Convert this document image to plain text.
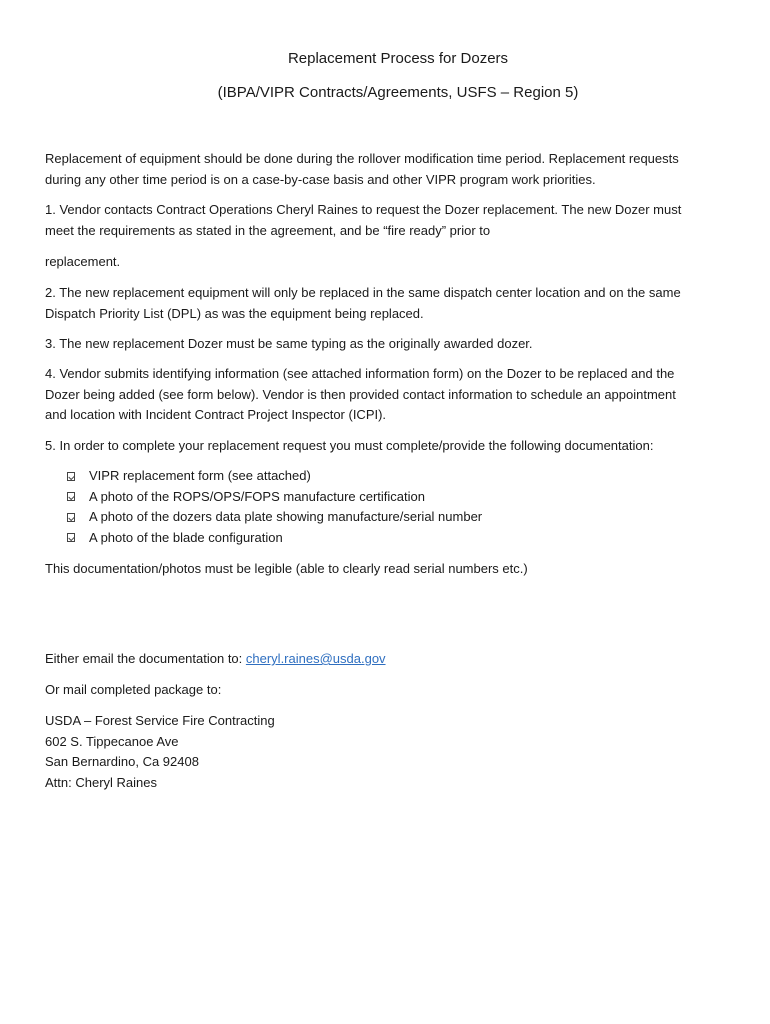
Replacement Process for Dozers
(IBPA/VIPR Contracts/Agreements, USFS – Region 5)

Replacement of equipment should be done during the rollover modification time period. Replacement requests
during any other time period is on a case-by-case basis and other VIPR program work priorities.

1. Vendor contacts Contract Operations Cheryl Raines to request the Dozer replacement. The new Dozer must
meet the requirements as stated in the agreement, and be “fire ready” prior to

replacement.

2. The new replacement equipment will only be replaced in the same dispatch center location and on the same
Dispatch Priority List (DPL) as was the equipment being replaced.

3. The new replacement Dozer must be same typing as the originally awarded dozer.

4. Vendor submits identifying information (see attached information form) on the Dozer to be replaced and the
Dozer being added (see form below). Vendor is then provided contact information to schedule an appointment
and location with Incident Contract Project Inspector (ICPI).

5. In order to complete your replacement request you must complete/provide the following documentation:

VIPR replacement form (see attached)
A photo of the ROPS/OPS/FOPS manufacture certification
A photo of the dozers data plate showing manufacture/serial number
A photo of the blade configuration

This documentation/photos must be legible (able to clearly read serial numbers etc.)

Either email the documentation to: cheryl.raines@usda.gov

Or mail completed package to:

USDA – Forest Service Fire Contracting
602 S. Tippecanoe Ave
San Bernardino, Ca 92408
Attn: Cheryl Raines
